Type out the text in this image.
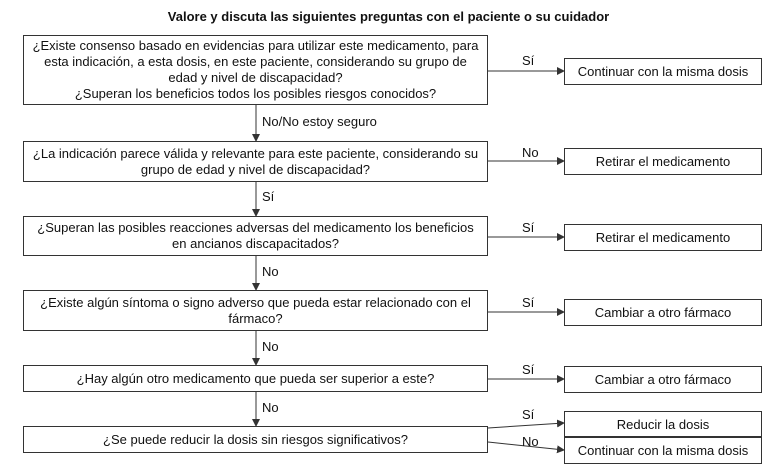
Valore y discuta las siguientes preguntas con el paciente o su cuidador
¿Existe consenso basado en evidencias para utilizar este medicamento, para
esta indicación, a esta dosis, en este paciente, considerando su grupo de
edad y nivel de discapacidad?
¿Superan los beneficios todos los posibles riesgos conocidos?
¿La indicación parece válida y relevante para este paciente, considerando su
grupo de edad y nivel de discapacidad?
¿Superan las posibles reacciones adversas del medicamento los beneficios
en ancianos discapacitados?
¿Existe algún síntoma o signo adverso que pueda estar relacionado con el
fármaco?
¿Hay algún otro medicamento que pueda ser superior a este?
¿Se puede reducir la dosis sin riesgos significativos?
Continuar con la misma dosis
Retirar el medicamento
Retirar el medicamento
Cambiar a otro fármaco
Cambiar a otro fármaco
Reducir la dosis
Continuar con la misma dosis
Sí
No
Sí
Sí
Sí
Sí
No
No/No estoy seguro
Sí
No
No
No
